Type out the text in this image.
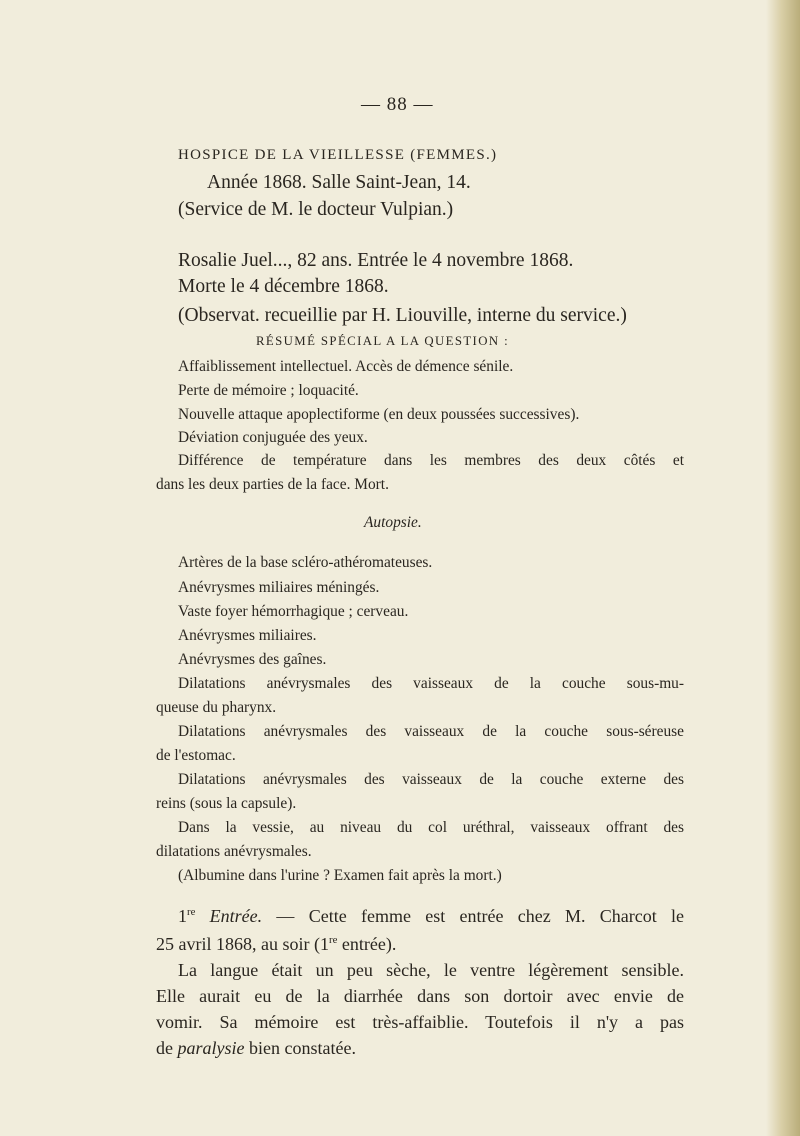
— 88 —
HOSPICE DE LA VIEILLESSE (FEMMES.)
Année 1868. Salle Saint-Jean, 14.
(Service de M. le docteur Vulpian.)
Rosalie Juel..., 82 ans. Entrée le 4 novembre 1868.
Morte le 4 décembre 1868.
(Observat. recueillie par H. Liouville, interne du service.)
RÉSUMÉ SPÉCIAL A LA QUESTION :
Affaiblissement intellectuel. Accès de démence sénile.
Perte de mémoire ; loquacité.
Nouvelle attaque apoplectiforme (en deux poussées successives).
Déviation conjuguée des yeux.
Différence de température dans les membres des deux côtés et
dans les deux parties de la face. Mort.
Autopsie.
Artères de la base scléro-athéromateuses.
Anévrysmes miliaires méningés.
Vaste foyer hémorrhagique ; cerveau.
Anévrysmes miliaires.
Anévrysmes des gaînes.
Dilatations anévrysmales des vaisseaux de la couche sous-mu-
queuse du pharynx.
Dilatations anévrysmales des vaisseaux de la couche sous-séreuse
de l'estomac.
Dilatations anévrysmales des vaisseaux de la couche externe des
reins (sous la capsule).
Dans la vessie, au niveau du col uréthral, vaisseaux offrant des
dilatations anévrysmales.
(Albumine dans l'urine ? Examen fait après la mort.)
1re Entrée. — Cette femme est entrée chez M. Charcot le
25 avril 1868, au soir (1re entrée).
La langue était un peu sèche, le ventre légèrement sensible.
Elle aurait eu de la diarrhée dans son dortoir avec envie de
vomir. Sa mémoire est très-affaiblie. Toutefois il n'y a pas
de paralysie bien constatée.
